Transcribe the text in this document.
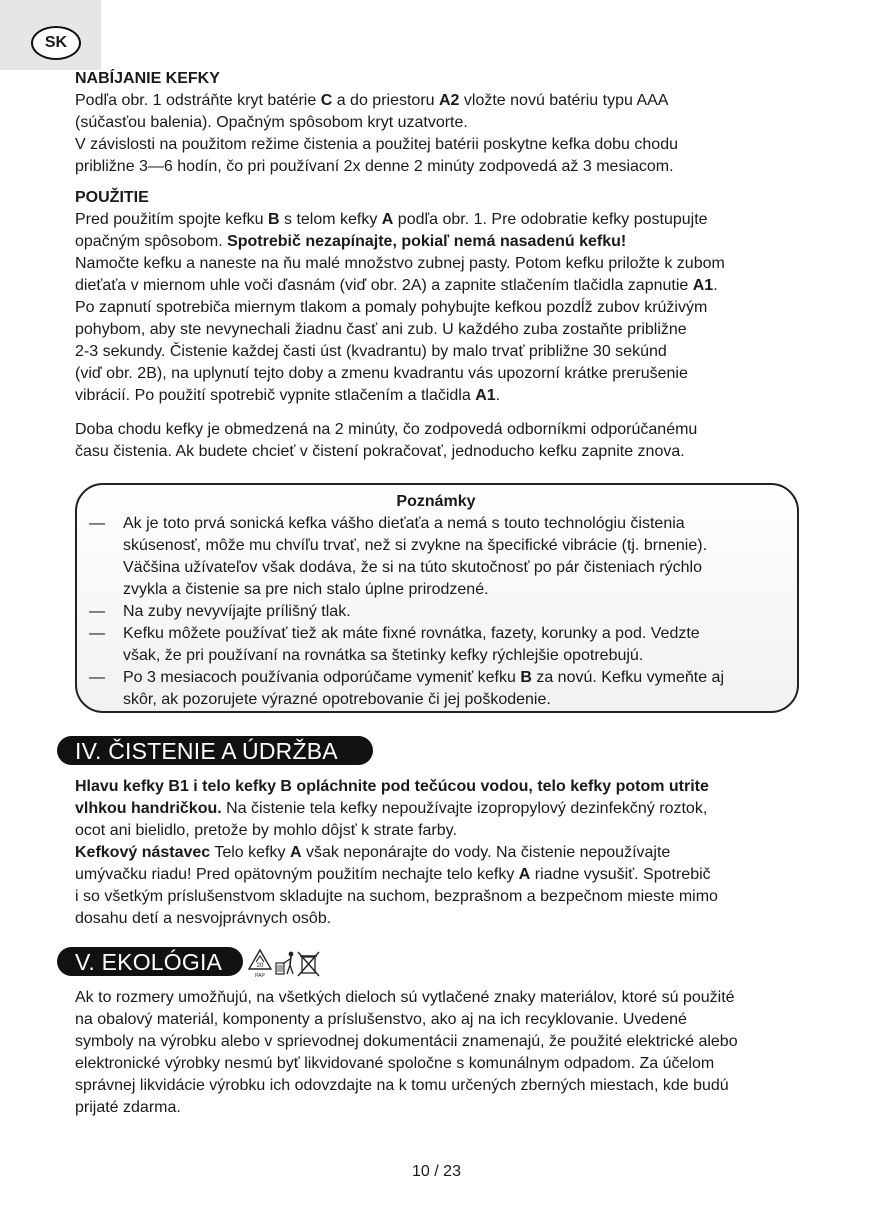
SK

NABÍJANIE KEFKY

Podľa obr. 1 odstráňte kryt batérie C a do priestoru A2 vložte novú batériu typu AAA

(súčasťou balenia). Opačným spôsobom kryt uzatvorte.

V závislosti na použitom režime čistenia a použitej batérii poskytne kefka dobu chodu

približne 3—6 hodín, čo pri používaní 2x denne 2 minúty zodpovedá až 3 mesiacom.

POUŽITIE

Pred použitím spojte kefku B s telom kefky A podľa obr. 1. Pre odobratie kefky postupujte

opačným spôsobom. Spotrebič nezapínajte, pokiaľ nemá nasadenú kefku!

Namočte kefku a naneste na ňu malé množstvo zubnej pasty. Potom kefku priložte k zubom

dieťaťa v miernom uhle voči ďasnám (viď obr. 2A) a zapnite stlačením tlačidla zapnutie A1.

Po zapnutí spotrebiča miernym tlakom a pomaly pohybujte kefkou pozdĺž zubov krúživým

pohybom, aby ste nevynechali žiadnu časť ani zub. U každého zuba zostaňte približne

2-3 sekundy. Čistenie každej časti úst (kvadrantu) by malo trvať približne 30 sekúnd

(viď obr. 2B), na uplynutí tejto doby a zmenu kvadrantu vás upozorní krátke prerušenie

vibrácií. Po použití spotrebič vypnite stlačením a tlačidla A1.

Doba chodu kefky je obmedzená na 2 minúty, čo zodpovedá odborníkmi odporúčanému

času čistenia. Ak budete chcieť v čistení pokračovať, jednoducho kefku zapnite znova.

Poznámky
— Ak je toto prvá sonická kefka vášho dieťaťa a nemá s touto technológiu čistenia
skúsenosť, môže mu chvíľu trvať, než si zvykne na špecifické vibrácie (tj. brnenie).
Väčšina užívateľov však dodáva, že si na túto skutočnosť po pár čisteniach rýchlo
zvykla a čistenie sa pre nich stalo úplne prirodzené.
— Na zuby nevyvíjajte prílišný tlak.
— Kefku môžete používať tiež ak máte fixné rovnátka, fazety, korunky a pod. Vedzte
však, že pri používaní na rovnátka sa štetinky kefky rýchlejšie opotrebujú.
— Po 3 mesiacoch používania odporúčame vymeniť kefku B za novú. Kefku vymeňte aj
skôr, ak pozorujete výrazné opotrebovanie či jej poškodenie.
IV. ČISTENIE A ÚDRŽBA

Hlavu kefky B1 i telo kefky B opláchnite pod tečúcou vodou, telo kefky potom utrite

vlhkou handričkou. Na čistenie tela kefky nepoužívajte izopropylový dezinfekčný roztok,

ocot ani bielidlo, pretože by mohlo dôjsť k strate farby.

Kefkový nástavec Telo kefky A však neponárajte do vody. Na čistenie nepoužívajte

umývačku riadu! Pred opätovným použitím nechajte telo kefky A riadne vysušiť. Spotrebič

i so všetkým príslušenstvom skladujte na suchom, bezprašnom a bezpečnom mieste mimo

dosahu detí a nesvojprávnych osôb.

V. EKOLÓGIA	20
PAP

Ak to rozmery umožňujú, na všetkých dieloch sú vytlačené znaky materiálov, ktoré sú použité

na obalový materiál, komponenty a príslušenstvo, ako aj na ich recyklovanie. Uvedené

symboly na výrobku alebo v sprievodnej dokumentácii znamenajú, že použité elektrické alebo

elektronické výrobky nesmú byť likvidované spoločne s komunálnym odpadom. Za účelom

správnej likvidácie výrobku ich odovzdajte na k tomu určených zberných miestach, kde budú

prijaté zdarma.

10 / 23
